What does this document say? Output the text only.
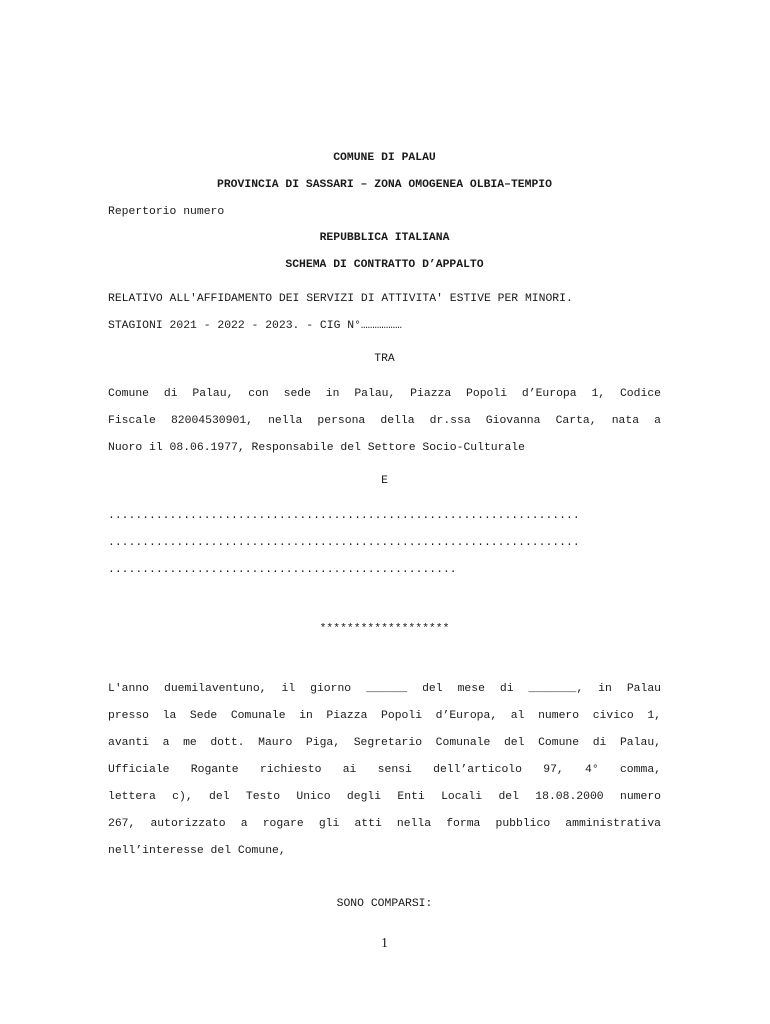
COMUNE DI PALAU
PROVINCIA DI SASSARI – ZONA OMOGENEA OLBIA–TEMPIO
Repertorio numero
REPUBBLICA ITALIANA
SCHEMA DI CONTRATTO D’APPALTO
RELATIVO ALL'AFFIDAMENTO DEI SERVIZI DI ATTIVITA' ESTIVE PER MINORI.
STAGIONI 2021 - 2022 - 2023. - CIG N°………………
TRA
Comune di Palau, con sede in Palau, Piazza Popoli d’Europa 1, Codice
Fiscale 82004530901, nella persona della dr.ssa Giovanna Carta, nata a
Nuoro il 08.06.1977, Responsabile del Settore Socio-Culturale
E
.....................................................................
.....................................................................
...................................................
*******************
L'anno duemilaventuno, il giorno ______ del mese di _______, in Palau
presso la Sede Comunale in Piazza Popoli d’Europa, al numero civico 1,
avanti a me dott. Mauro Piga, Segretario Comunale del Comune di Palau,
Ufficiale Rogante richiesto ai sensi dell’articolo 97, 4° comma,
lettera c), del Testo Unico degli Enti Locali del 18.08.2000 numero
267, autorizzato a rogare gli atti nella forma pubblico amministrativa
nell’interesse del Comune,
SONO COMPARSI:
1
